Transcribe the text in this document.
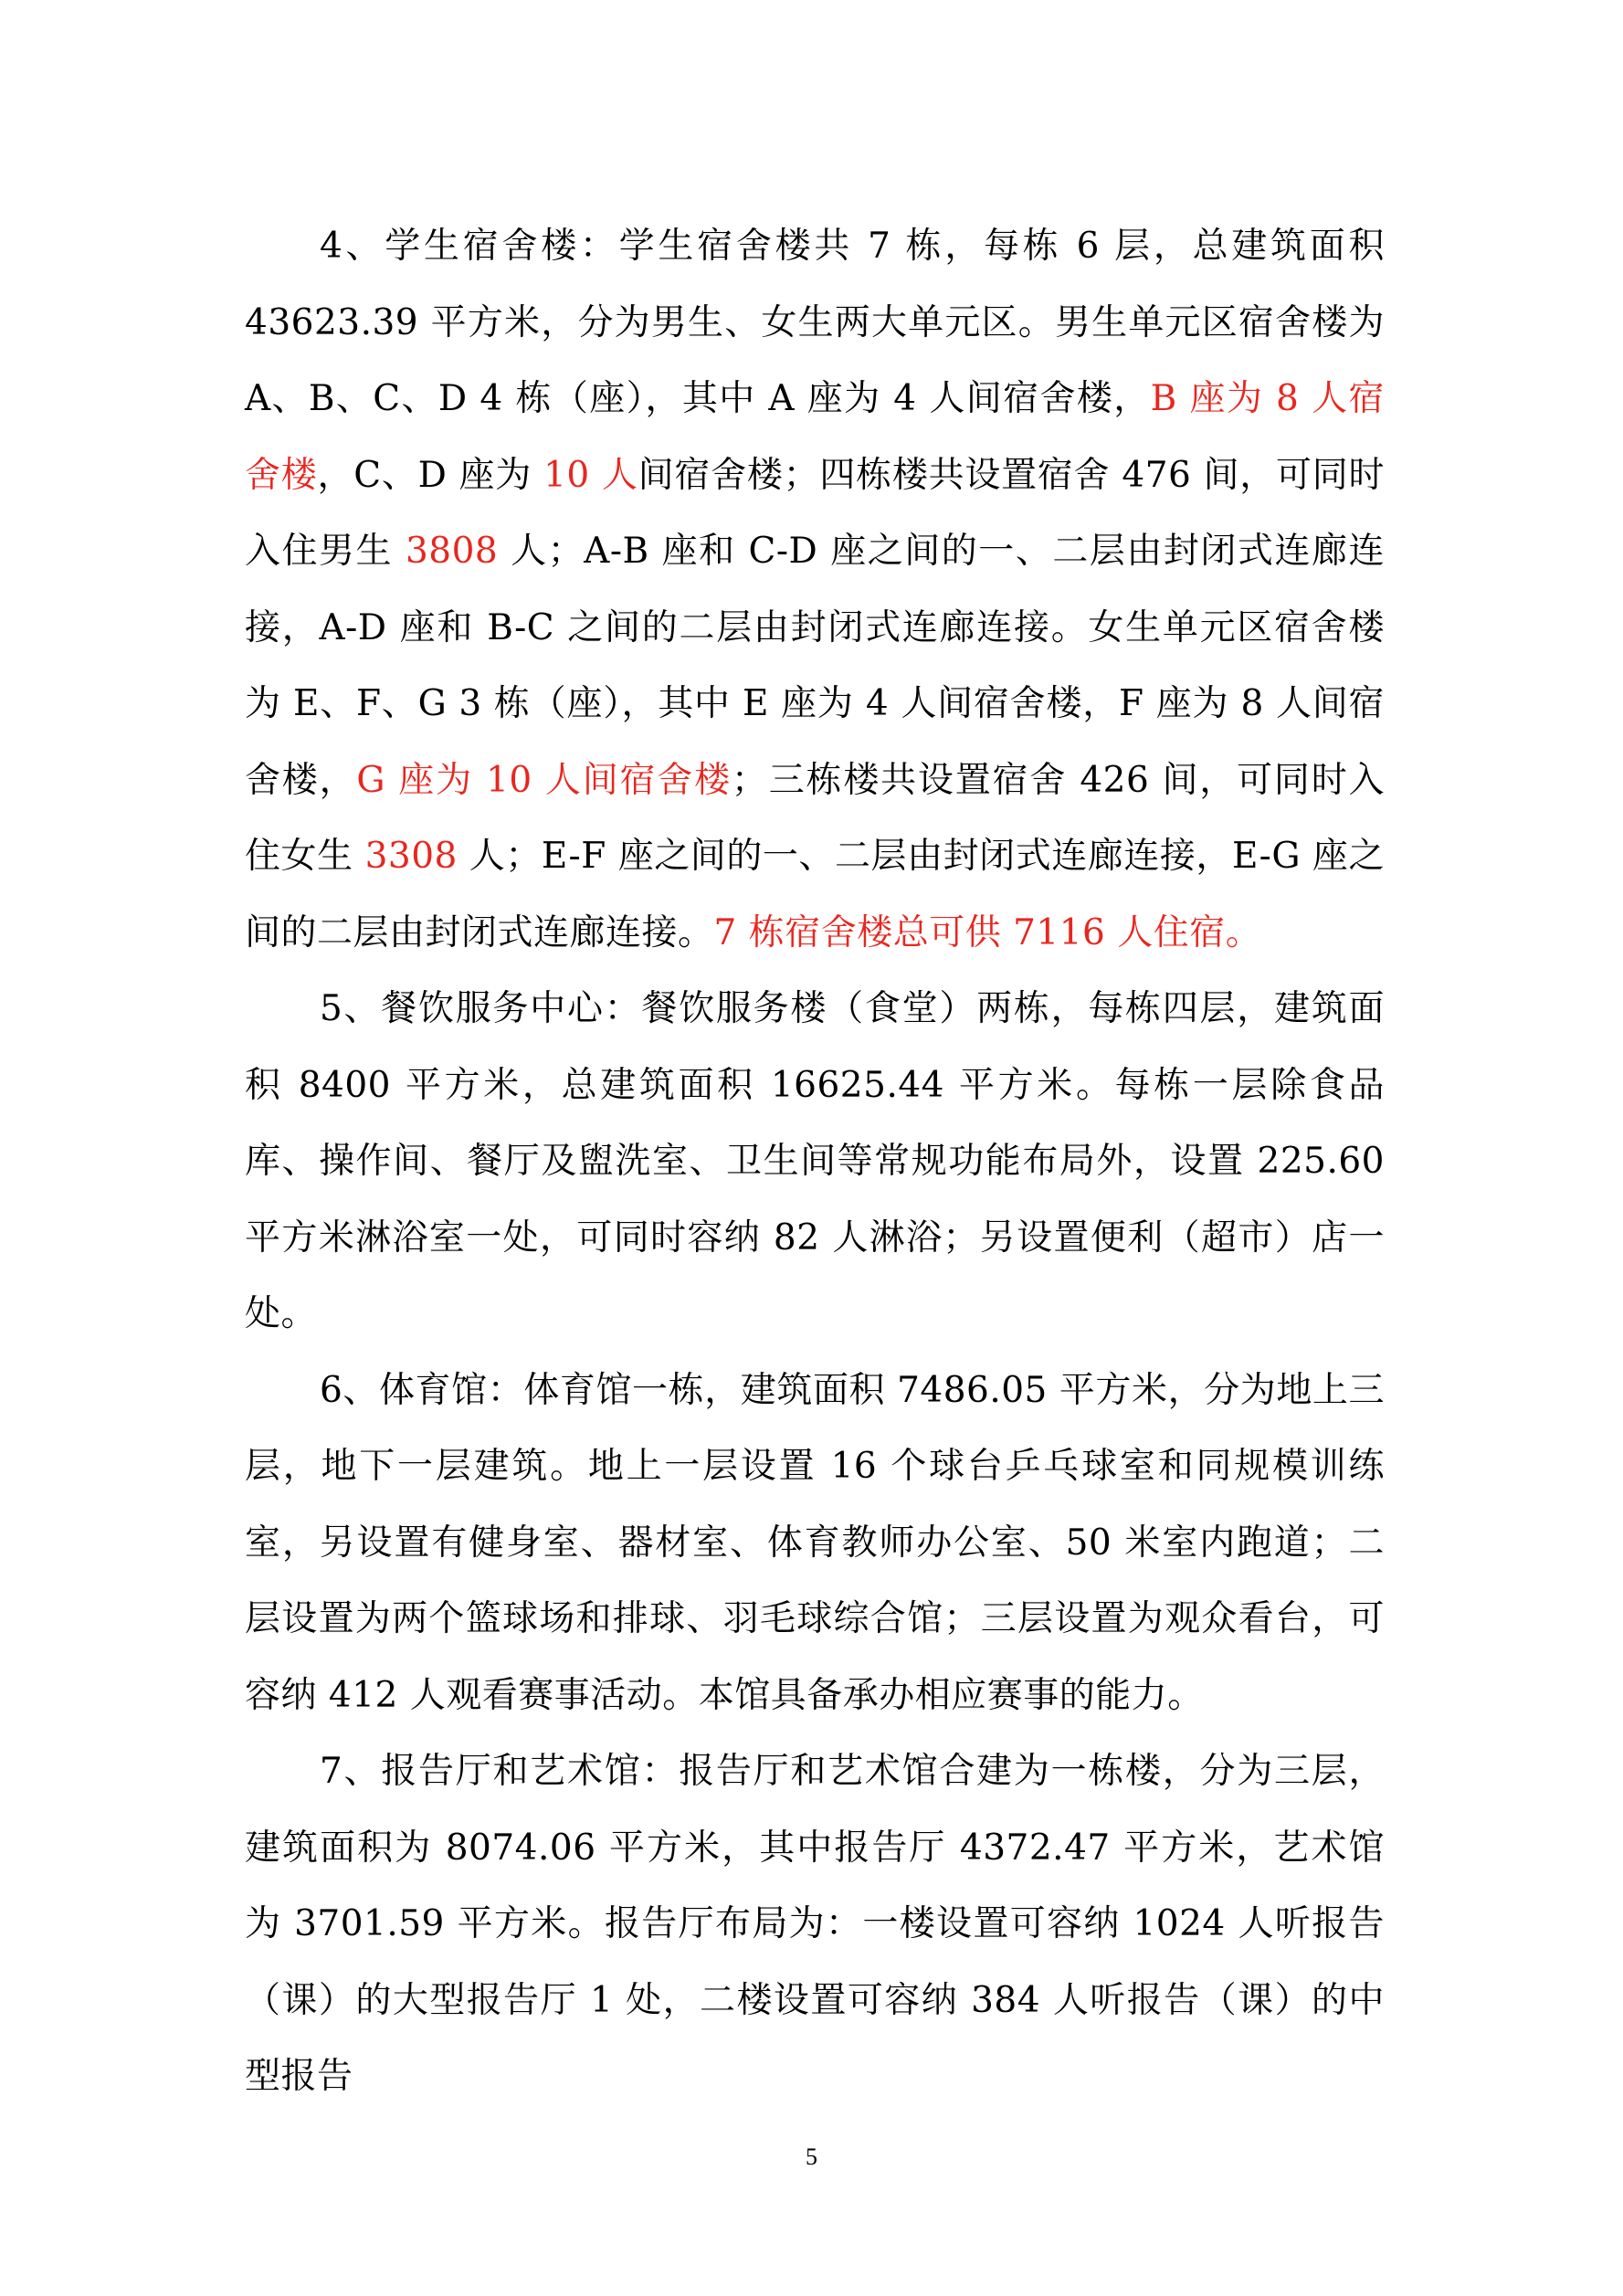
4、学生宿舍楼：学生宿舍楼共 7 栋，每栋 6 层，总建筑面积 43623.39 平方米，分为男生、女生两大单元区。男生单元区宿舍楼为 A、B、C、D 4 栋（座），其中 A 座为 4 人间宿舍楼，B 座为 8 人宿舍楼，C、D 座为 10 人间宿舍楼；四栋楼共设置宿舍 476 间，可同时入住男生 3808 人；A-B 座和 C-D 座之间的一、二层由封闭式连廊连接，A-D 座和 B-C 之间的二层由封闭式连廊连接。女生单元区宿舍楼为 E、F、G 3 栋（座），其中 E 座为 4 人间宿舍楼，F 座为 8 人间宿舍楼，G 座为 10 人间宿舍楼；三栋楼共设置宿舍 426 间，可同时入住女生 3308 人；E-F 座之间的一、二层由封闭式连廊连接，E-G 座之间的二层由封闭式连廊连接。7 栋宿舍楼总可供 7116 人住宿。

5、餐饮服务中心：餐饮服务楼（食堂）两栋，每栋四层，建筑面积 8400 平方米，总建筑面积 16625.44 平方米。每栋一层除食品库、操作间、餐厅及盥洗室、卫生间等常规功能布局外，设置 225.60 平方米淋浴室一处，可同时容纳 82 人淋浴；另设置便利（超市）店一处。

6、体育馆：体育馆一栋，建筑面积 7486.05 平方米，分为地上三层，地下一层建筑。地上一层设置 16 个球台乒乓球室和同规模训练室，另设置有健身室、器材室、体育教师办公室、50 米室内跑道；二层设置为两个篮球场和排球、羽毛球综合馆；三层设置为观众看台，可容纳 412 人观看赛事活动。本馆具备承办相应赛事的能力。

7、报告厅和艺术馆：报告厅和艺术馆合建为一栋楼，分为三层，建筑面积为 8074.06 平方米，其中报告厅 4372.47 平方米，艺术馆为 3701.59 平方米。报告厅布局为：一楼设置可容纳 1024 人听报告（课）的大型报告厅 1 处，二楼设置可容纳 384 人听报告（课）的中型报告

5
